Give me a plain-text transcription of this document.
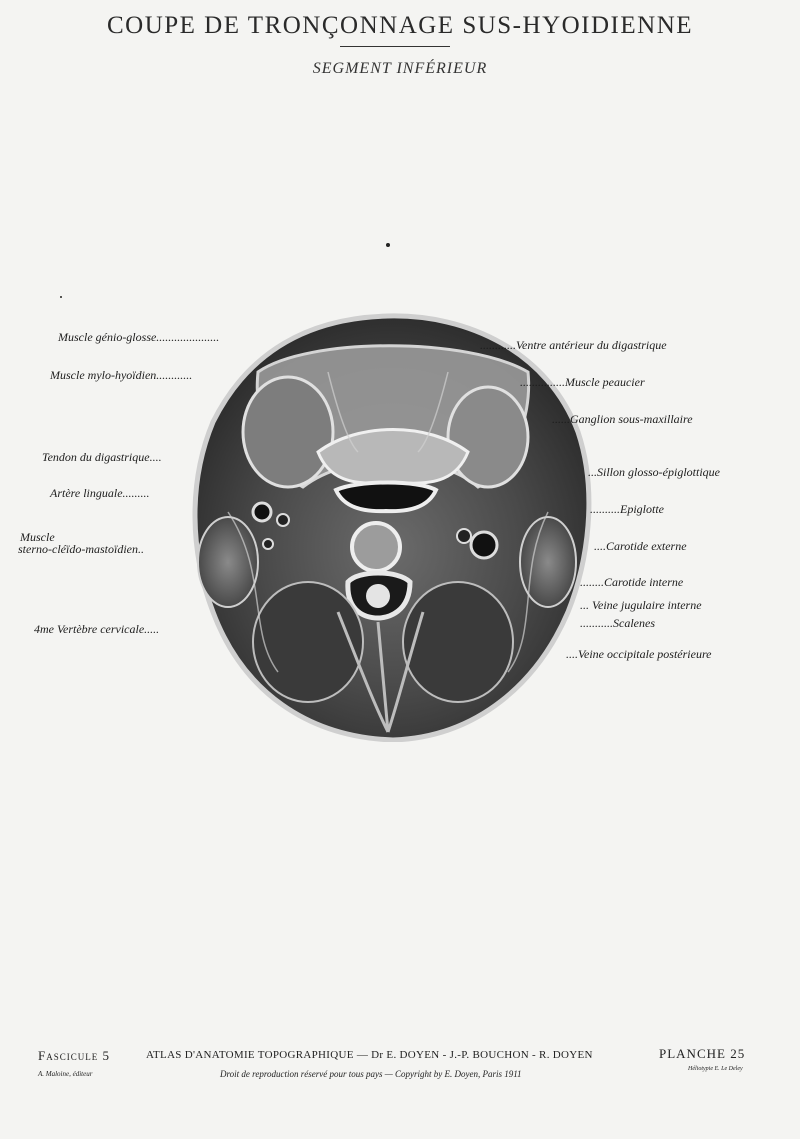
COUPE DE TRONÇONNAGE SUS-HYOIDIENNE
SEGMENT INFÉRIEUR
Muscle génio-glosse.....................
Muscle mylo-hyoïdien............
Tendon du digastrique....
Artère linguale.........
Muscle
sterno-cléïdo-mastoïdien..
4me Vertèbre cervicale.....
............Ventre antérieur du digastrique
...............Muscle peaucier
......Ganglion sous-maxillaire
...Sillon glosso-épiglottique
..........Epiglotte
....Carotide externe
........Carotide interne
... Veine jugulaire interne
...........Scalenes
....Veine occipitale postérieure
Fascicule 5	ATLAS D'ANATOMIE TOPOGRAPHIQUE — Dr E. DOYEN - J.-P. BOUCHON - R. DOYEN	PLANCHE 25
A. Maloine, éditeur	Droit de reproduction réservé pour tous pays — Copyright by E. Doyen, Paris 1911	Héliotypie E. Le Deley
